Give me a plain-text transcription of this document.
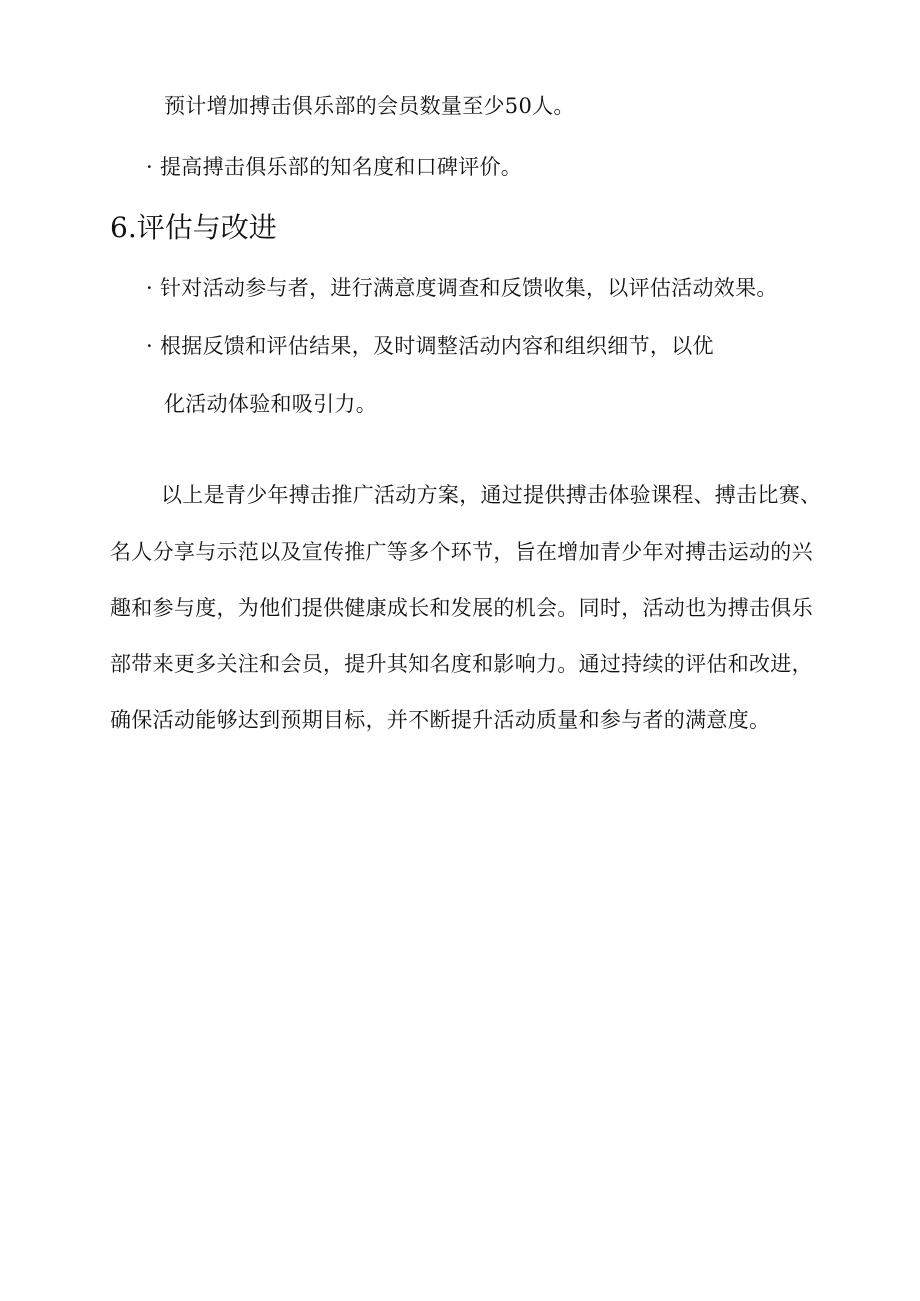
预计增加搏击俱乐部的会员数量至少50人。
· 提高搏击俱乐部的知名度和口碑评价。
6.评估与改进
· 针对活动参与者，进行满意度调查和反馈收集，以评估活动效果。
· 根据反馈和评估结果，及时调整活动内容和组织细节，以优
化活动体验和吸引力。
以上是青少年搏击推广活动方案，通过提供搏击体验课程、搏击比赛、
名人分享与示范以及宣传推广等多个环节，旨在增加青少年对搏击运动的兴
趣和参与度，为他们提供健康成长和发展的机会。同时，活动也为搏击俱乐
部带来更多关注和会员，提升其知名度和影响力。通过持续的评估和改进，
确保活动能够达到预期目标，并不断提升活动质量和参与者的满意度。
